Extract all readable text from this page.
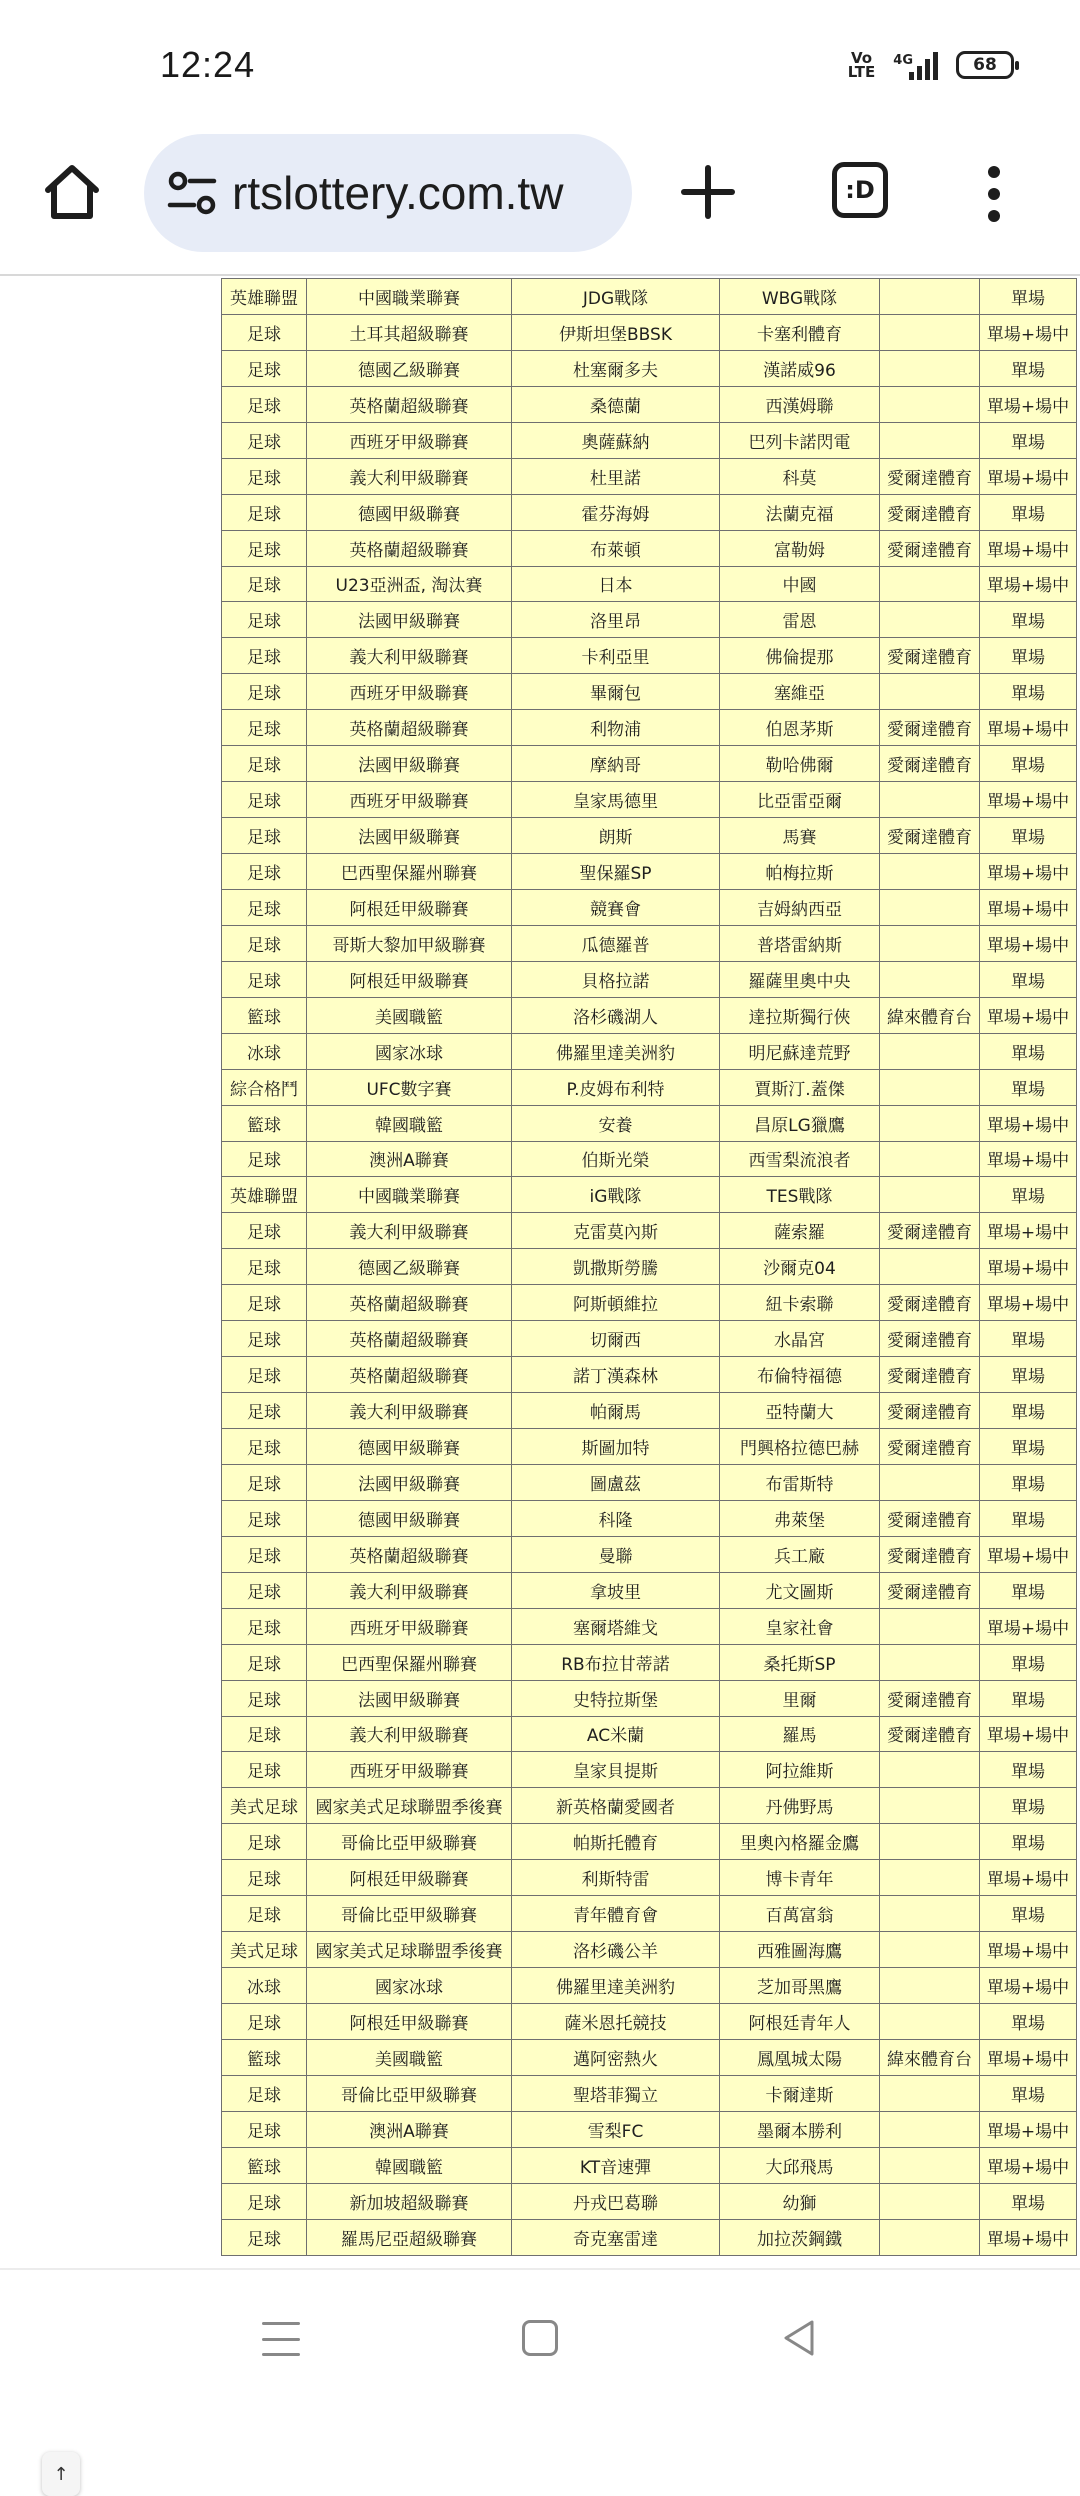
12:24	Vo
LTE
4G	68
rtslottery.com.tw	:D
英雄聯盟	中國職業聯賽	JDG戰隊	WBG戰隊		單場
足球	土耳其超級聯賽	伊斯坦堡BBSK	卡塞利體育		單場+場中
足球	德國乙級聯賽	杜塞爾多夫	漢諾威96		單場
足球	英格蘭超級聯賽	桑德蘭	西漢姆聯		單場+場中
足球	西班牙甲級聯賽	奧薩蘇納	巴列卡諾閃電		單場
足球	義大利甲級聯賽	杜里諾	科莫	愛爾達體育	單場+場中
足球	德國甲級聯賽	霍芬海姆	法蘭克福	愛爾達體育	單場
足球	英格蘭超級聯賽	布萊頓	富勒姆	愛爾達體育	單場+場中
足球	U23亞洲盃, 淘汰賽	日本	中國		單場+場中
足球	法國甲級聯賽	洛里昂	雷恩		單場
足球	義大利甲級聯賽	卡利亞里	佛倫提那	愛爾達體育	單場
足球	西班牙甲級聯賽	畢爾包	塞維亞		單場
足球	英格蘭超級聯賽	利物浦	伯恩茅斯	愛爾達體育	單場+場中
足球	法國甲級聯賽	摩納哥	勒哈佛爾	愛爾達體育	單場
足球	西班牙甲級聯賽	皇家馬德里	比亞雷亞爾		單場+場中
足球	法國甲級聯賽	朗斯	馬賽	愛爾達體育	單場
足球	巴西聖保羅州聯賽	聖保羅SP	帕梅拉斯		單場+場中
足球	阿根廷甲級聯賽	競賽會	吉姆納西亞		單場+場中
足球	哥斯大黎加甲級聯賽	瓜德羅普	普塔雷納斯		單場+場中
足球	阿根廷甲級聯賽	貝格拉諾	羅薩里奧中央		單場
籃球	美國職籃	洛杉磯湖人	達拉斯獨行俠	緯來體育台	單場+場中
冰球	國家冰球	佛羅里達美洲豹	明尼蘇達荒野		單場
綜合格鬥	UFC數字賽	P.皮姆布利特	賈斯汀.蓋傑		單場
籃球	韓國職籃	安養	昌原LG獵鷹		單場+場中
足球	澳洲A聯賽	伯斯光榮	西雪梨流浪者		單場+場中
英雄聯盟	中國職業聯賽	iG戰隊	TES戰隊		單場
足球	義大利甲級聯賽	克雷莫內斯	薩索羅	愛爾達體育	單場+場中
足球	德國乙級聯賽	凱撒斯勞騰	沙爾克04		單場+場中
足球	英格蘭超級聯賽	阿斯頓維拉	紐卡索聯	愛爾達體育	單場+場中
足球	英格蘭超級聯賽	切爾西	水晶宮	愛爾達體育	單場
足球	英格蘭超級聯賽	諾丁漢森林	布倫特福德	愛爾達體育	單場
足球	義大利甲級聯賽	帕爾馬	亞特蘭大	愛爾達體育	單場
足球	德國甲級聯賽	斯圖加特	門興格拉德巴赫	愛爾達體育	單場
足球	法國甲級聯賽	圖盧茲	布雷斯特		單場
足球	德國甲級聯賽	科隆	弗萊堡	愛爾達體育	單場
足球	英格蘭超級聯賽	曼聯	兵工廠	愛爾達體育	單場+場中
足球	義大利甲級聯賽	拿坡里	尤文圖斯	愛爾達體育	單場
足球	西班牙甲級聯賽	塞爾塔維戈	皇家社會		單場+場中
足球	巴西聖保羅州聯賽	RB布拉甘蒂諾	桑托斯SP		單場
足球	法國甲級聯賽	史特拉斯堡	里爾	愛爾達體育	單場
足球	義大利甲級聯賽	AC米蘭	羅馬	愛爾達體育	單場+場中
足球	西班牙甲級聯賽	皇家貝提斯	阿拉維斯		單場
美式足球	國家美式足球聯盟季後賽	新英格蘭愛國者	丹佛野馬		單場
足球	哥倫比亞甲級聯賽	帕斯托體育	里奧內格羅金鷹		單場
足球	阿根廷甲級聯賽	利斯特雷	博卡青年		單場+場中
足球	哥倫比亞甲級聯賽	青年體育會	百萬富翁		單場
美式足球	國家美式足球聯盟季後賽	洛杉磯公羊	西雅圖海鷹		單場+場中
冰球	國家冰球	佛羅里達美洲豹	芝加哥黑鷹		單場+場中
足球	阿根廷甲級聯賽	薩米恩托競技	阿根廷青年人		單場
籃球	美國職籃	邁阿密熱火	鳳凰城太陽	緯來體育台	單場+場中
足球	哥倫比亞甲級聯賽	聖塔菲獨立	卡爾達斯		單場
足球	澳洲A聯賽	雪梨FC	墨爾本勝利		單場+場中
籃球	韓國職籃	KT音速彈	大邱飛馬		單場+場中
足球	新加坡超級聯賽	丹戎巴葛聯	幼獅		單場
足球	羅馬尼亞超級聯賽	奇克塞雷達	加拉茨鋼鐵		單場+場中
↑
